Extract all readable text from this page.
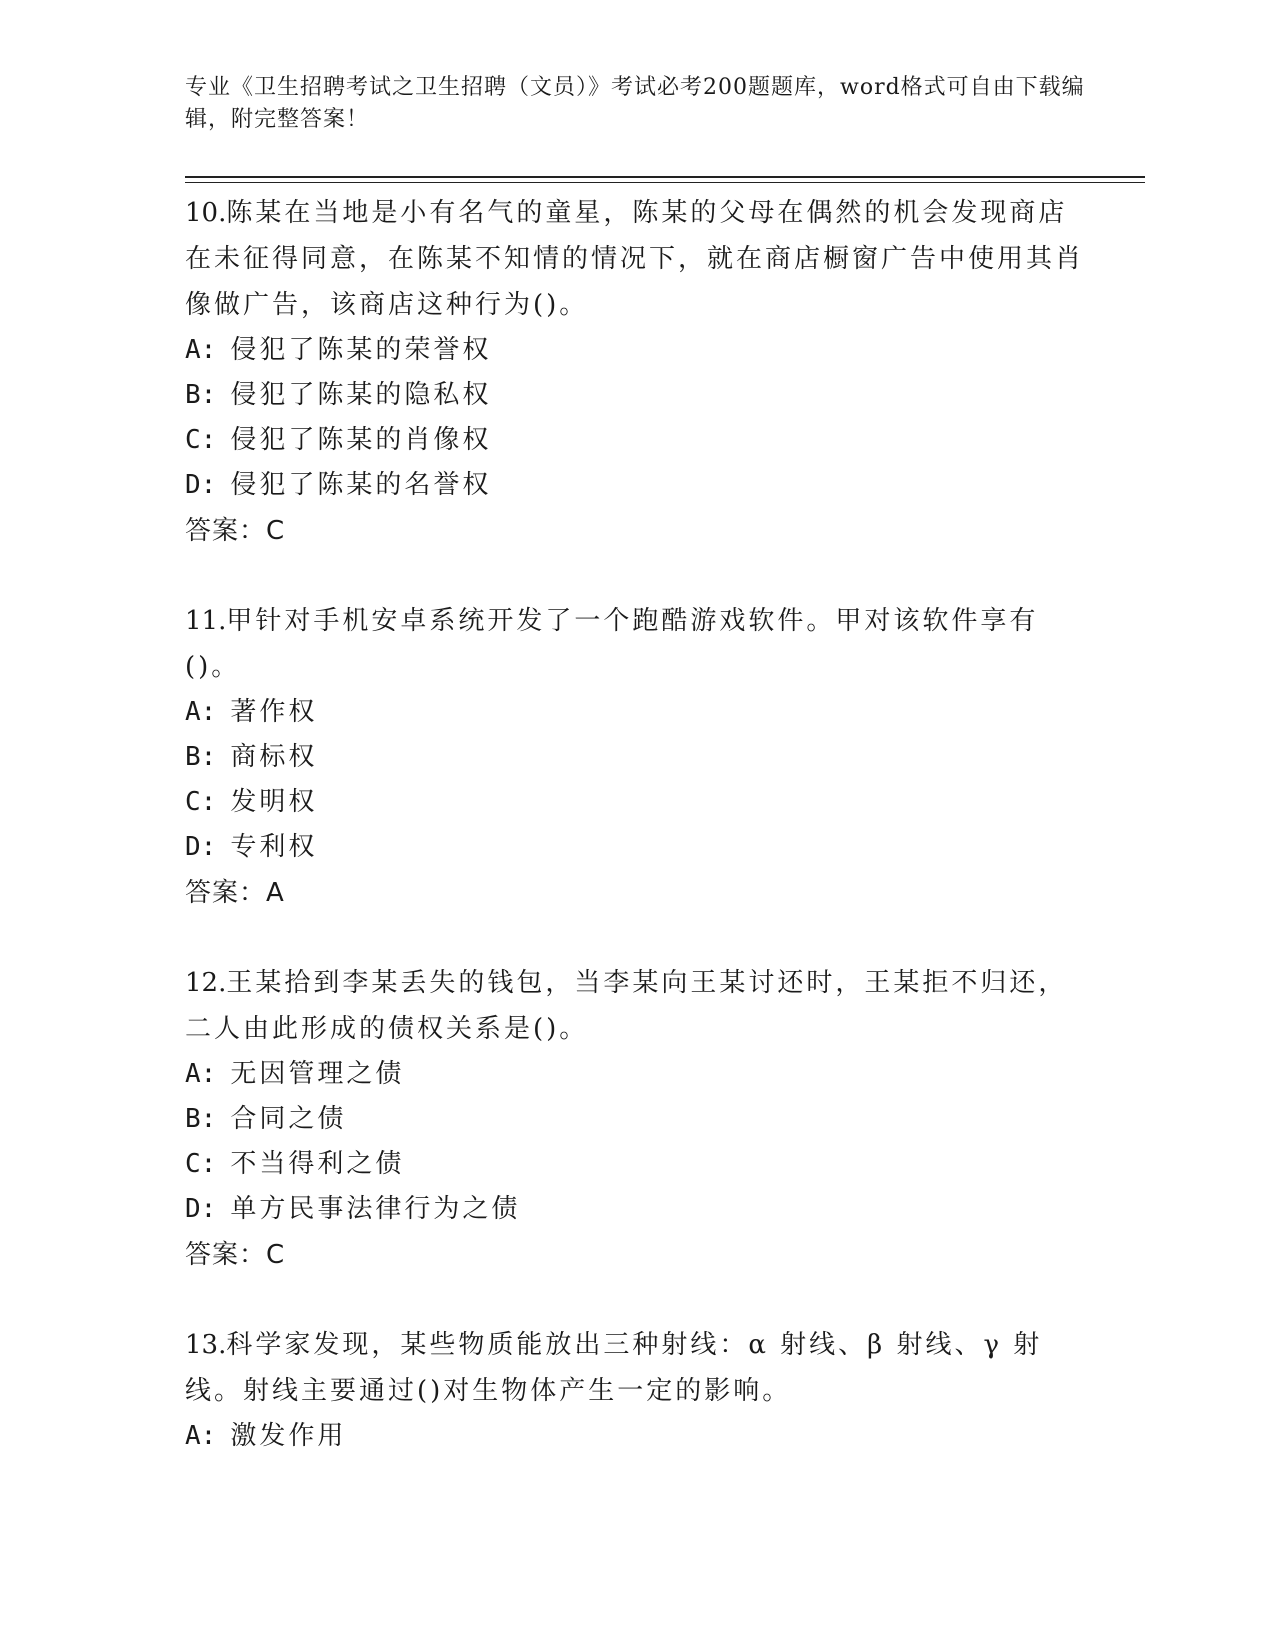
专业《卫生招聘考试之卫生招聘（文员）》考试必考200题题库，word格式可自由下载编辑，附完整答案！
10.陈某在当地是小有名气的童星，陈某的父母在偶然的机会发现商店在未征得同意，在陈某不知情的情况下，就在商店橱窗广告中使用其肖像做广告，该商店这种行为()。
A: 侵犯了陈某的荣誉权
B: 侵犯了陈某的隐私权
C: 侵犯了陈某的肖像权
D: 侵犯了陈某的名誉权
答案：C
11.甲针对手机安卓系统开发了一个跑酷游戏软件。甲对该软件享有()。
A: 著作权
B: 商标权
C: 发明权
D: 专利权
答案：A
12.王某拾到李某丢失的钱包，当李某向王某讨还时，王某拒不归还，二人由此形成的债权关系是()。
A: 无因管理之债
B: 合同之债
C: 不当得利之债
D: 单方民事法律行为之债
答案：C
13.科学家发现，某些物质能放出三种射线：α 射线、β 射线、γ 射线。射线主要通过()对生物体产生一定的影响。
A: 激发作用
